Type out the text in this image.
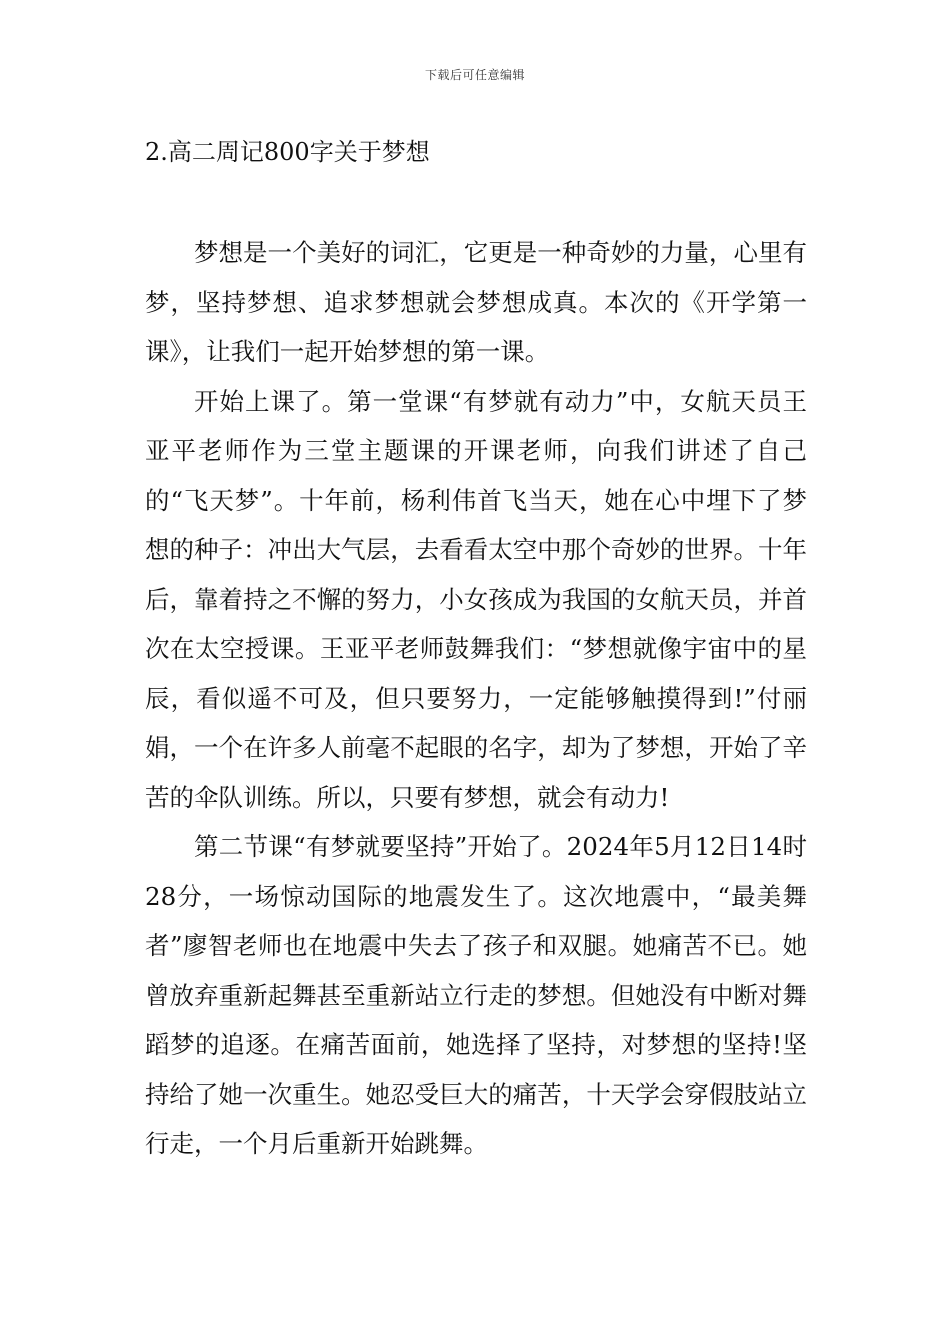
下载后可任意编辑
2.高二周记800字关于梦想

梦想是一个美好的词汇，它更是一种奇妙的力量，心里有梦，坚持梦想、追求梦想就会梦想成真。本次的《开学第一课》，让我们一起开始梦想的第一课。

开始上课了。第一堂课“有梦就有动力”中，女航天员王亚平老师作为三堂主题课的开课老师，向我们讲述了自己的“飞天梦”。十年前，杨利伟首飞当天，她在心中埋下了梦想的种子：冲出大气层，去看看太空中那个奇妙的世界。十年后，靠着持之不懈的努力，小女孩成为我国的女航天员，并首次在太空授课。王亚平老师鼓舞我们：“梦想就像宇宙中的星辰，看似遥不可及，但只要努力，一定能够触摸得到!”付丽娟，一个在许多人前毫不起眼的名字，却为了梦想，开始了辛苦的伞队训练。所以，只要有梦想，就会有动力!

第二节课“有梦就要坚持”开始了。2024年5月12日14时28分，一场惊动国际的地震发生了。这次地震中，“最美舞者”廖智老师也在地震中失去了孩子和双腿。她痛苦不已。她曾放弃重新起舞甚至重新站立行走的梦想。但她没有中断对舞蹈梦的追逐。在痛苦面前，她选择了坚持，对梦想的坚持!坚持给了她一次重生。她忍受巨大的痛苦，十天学会穿假肢站立行走，一个月后重新开始跳舞。
